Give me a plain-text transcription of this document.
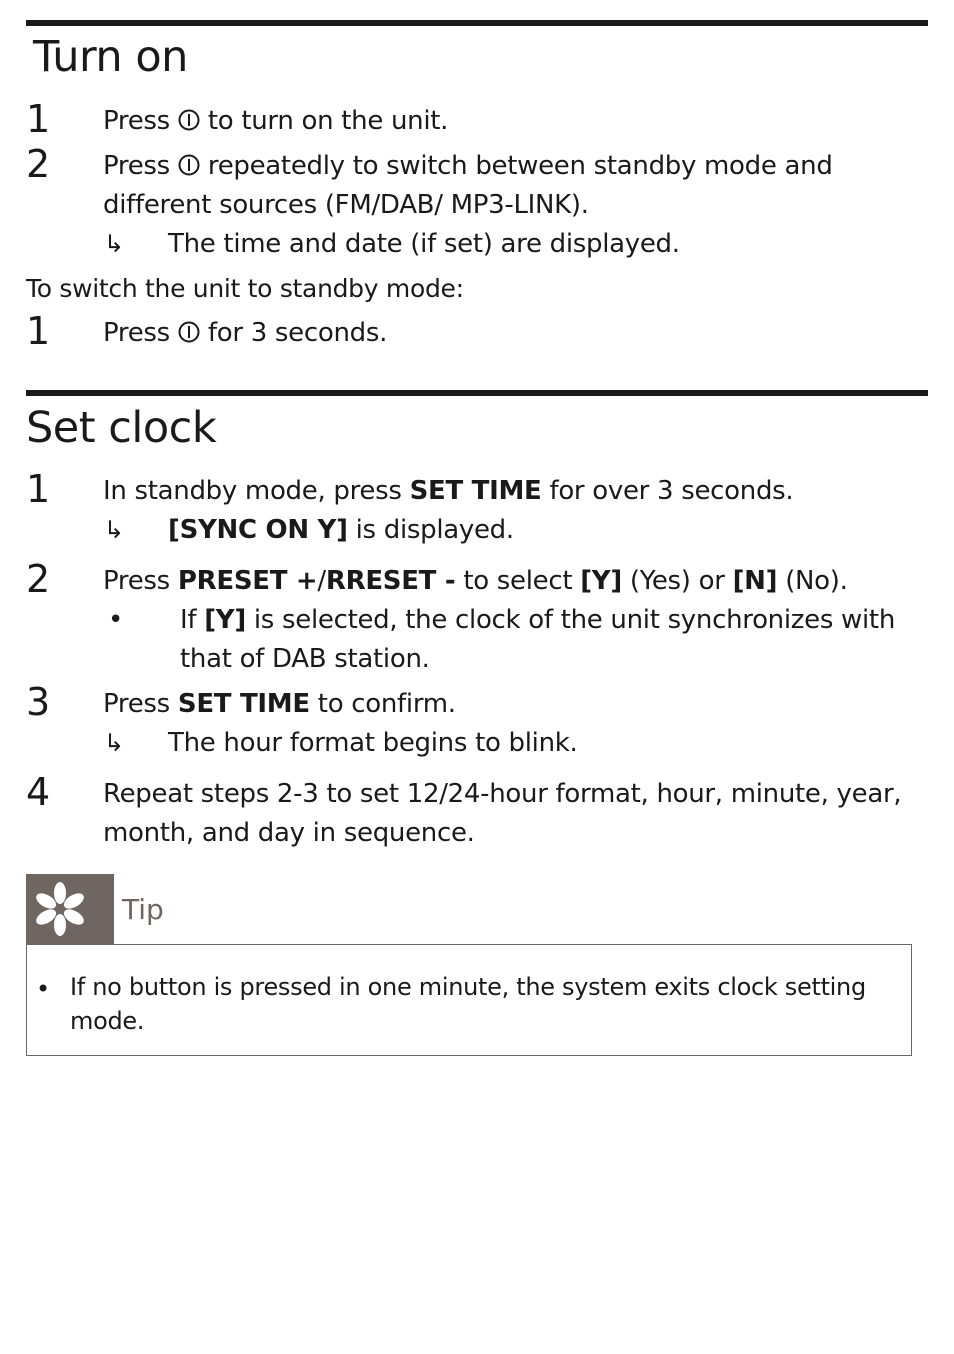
Turn on
1 Press to turn on the unit.

2 Press repeatedly to switch between standby mode and

different sources (FM/DAB/ MP3-LINK).

↳ The time and date (if set) are displayed.
To switch the unit to standby mode:
1 Press for 3 seconds.

Set clock
1 In standby mode, press SET TIME for over 3 seconds.

↳ [SYNC ON Y] is displayed.
2 Press PRESET +/RRESET - to select [Y] (Yes) or [N] (No).

• If [Y] is selected, the clock of the unit synchronizes with
that of DAB station.
3 Press SET TIME to confirm.

↳ The hour format begins to blink.
4 Repeat steps 2-3 to set 12/24-hour format, hour, minute, year,

month, and day in sequence.

Tip
• If no button is pressed in one minute, the system exits clock setting mode.
